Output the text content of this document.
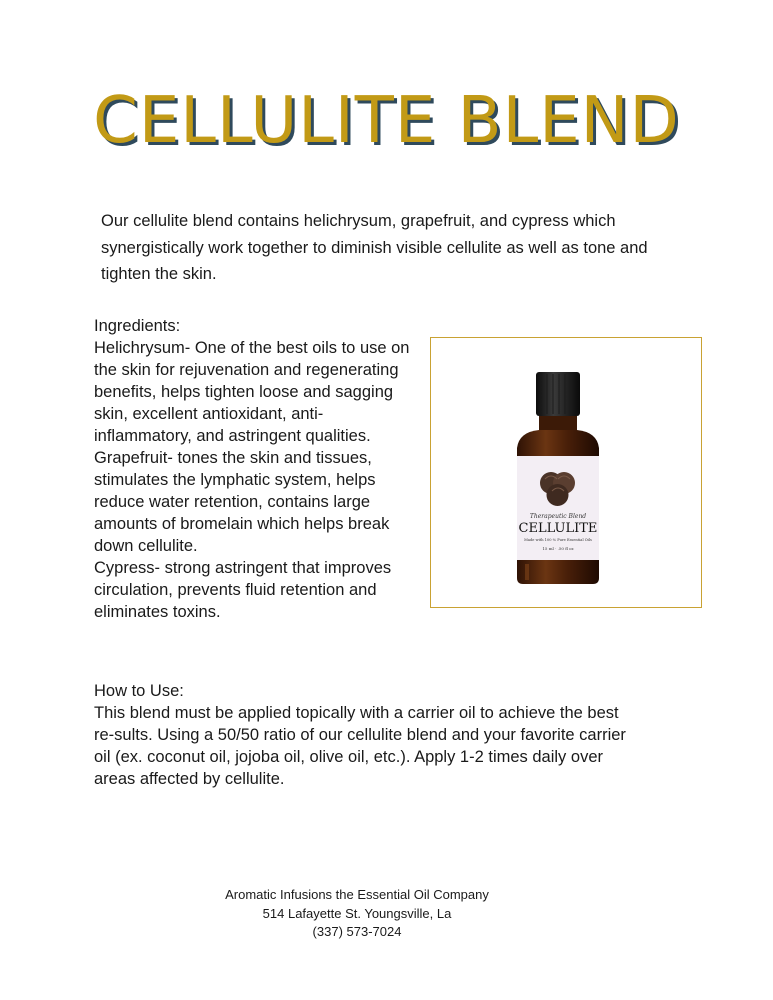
CELLULITE BLEND
Our cellulite blend contains helichrysum, grapefruit, and cypress which synergistically work together to diminish visible cellulite as well as tone and tighten the skin.
Ingredients:

Helichrysum- One of the best oils to use on the skin for rejuvenation and regenerating benefits, helps tighten loose and sagging skin, excellent antioxidant, anti-inflammatory, and astringent qualities.

Grapefruit- tones the skin and tissues, stimulates the lymphatic system, helps reduce water retention, contains large amounts of bromelain which helps break down cellulite.

Cypress- strong astringent that improves circulation, prevents fluid retention and eliminates toxins.

Therapeutic Blend
CELLULITE
Made with 100 % Pure Essential Oils
15 ml · .50 fl oz
How to Use:

This blend must be applied topically with a carrier oil to achieve the best re-sults. Using a 50/50 ratio of our cellulite blend and your favorite carrier oil (ex. coconut oil, jojoba oil, olive oil, etc.). Apply 1-2 times daily over areas affected by cellulite.

Aromatic Infusions the Essential Oil Company
514 Lafayette St. Youngsville, La
(337) 573-7024
